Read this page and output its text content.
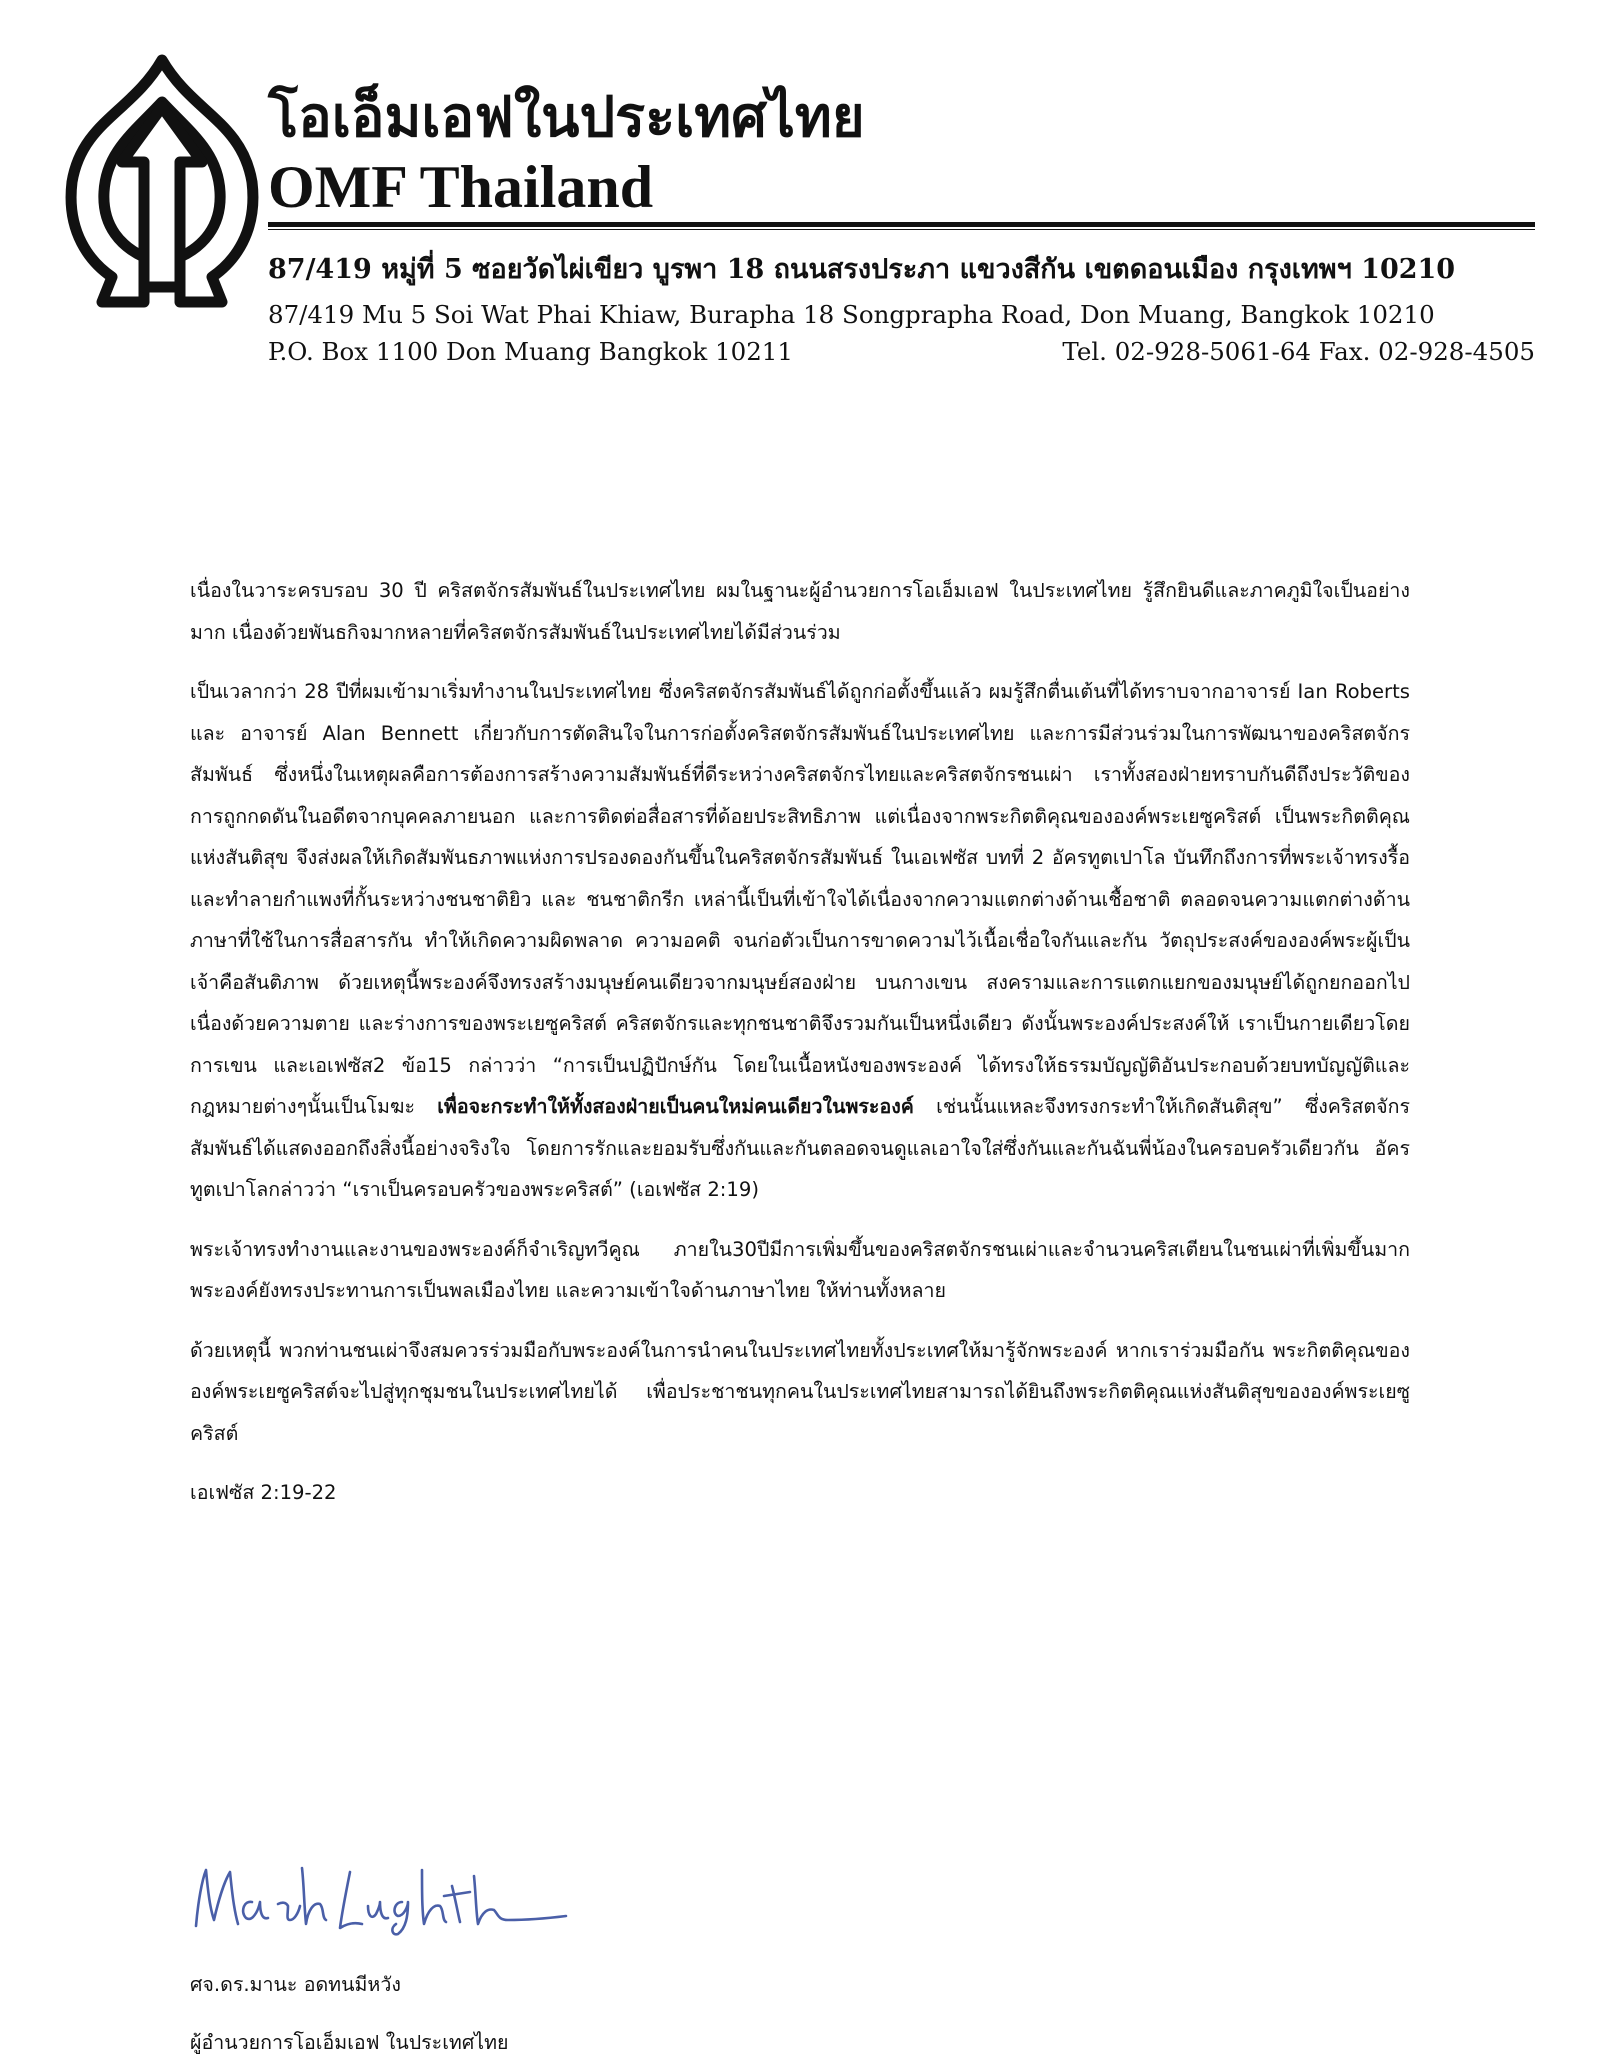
โอเอ็มเอฟในประเทศไทย
OMF Thailand
87/419 หมู่ที่ 5 ซอยวัดไผ่เขียว บูรพา 18 ถนนสรงประภา แขวงสีกัน เขตดอนเมือง กรุงเทพฯ 10210
87/419 Mu 5 Soi Wat Phai Khiaw, Burapha 18 Songprapha Road, Don Muang, Bangkok 10210
P.O. Box 1100 Don Muang Bangkok 10211	Tel. 02-928-5061-64 Fax. 02-928-4505

เนื่องในวาระครบรอบ 30 ปี คริสตจักรสัมพันธ์ในประเทศไทย ผมในฐานะผู้อำนวยการโอเอ็มเอฟ ในประเทศไทย รู้สึกยินดีและภาคภูมิใจเป็นอย่างมาก เนื่องด้วยพันธกิจมากหลายที่คริสตจักรสัมพันธ์ในประเทศไทยได้มีส่วนร่วม

เป็นเวลากว่า 28 ปีที่ผมเข้ามาเริ่มทำงานในประเทศไทย ซึ่งคริสตจักรสัมพันธ์ได้ถูกก่อตั้งขึ้นแล้ว ผมรู้สึกตื่นเต้นที่ได้ทราบจากอาจารย์ Ian Roberts และ อาจารย์ Alan Bennett เกี่ยวกับการตัดสินใจในการก่อตั้งคริสตจักรสัมพันธ์ในประเทศไทย และการมีส่วนร่วมในการพัฒนาของคริสตจักรสัมพันธ์ ซึ่งหนึ่งในเหตุผลคือการต้องการสร้างความสัมพันธ์ที่ดีระหว่างคริสตจักรไทยและคริสตจักรชนเผ่า เราทั้งสองฝ่ายทราบกันดีถึงประวัติของการถูกกดดันในอดีตจากบุคคลภายนอก และการติดต่อสื่อสารที่ด้อยประสิทธิภาพ แต่เนื่องจากพระกิตติคุณขององค์พระเยซูคริสต์ เป็นพระกิตติคุณแห่งสันติสุข จึงส่งผลให้เกิดสัมพันธภาพแห่งการปรองดองกันขึ้นในคริสตจักรสัมพันธ์ ในเอเฟซัส บทที่ 2 อัครทูตเปาโล บันทึกถึงการที่พระเจ้าทรงรื้อและทำลายกำแพงที่กั้นระหว่างชนชาติยิว และ ชนชาติกรีก เหล่านี้เป็นที่เข้าใจได้เนื่องจากความแตกต่างด้านเชื้อชาติ ตลอดจนความแตกต่างด้านภาษาที่ใช้ในการสื่อสารกัน ทำให้เกิดความผิดพลาด ความอคติ จนก่อตัวเป็นการขาดความไว้เนื้อเชื่อใจกันและกัน วัตถุประสงค์ขององค์พระผู้เป็นเจ้าคือสันติภาพ ด้วยเหตุนี้พระองค์จึงทรงสร้างมนุษย์คนเดียวจากมนุษย์สองฝ่าย บนกางเขน สงครามและการแตกแยกของมนุษย์ได้ถูกยกออกไปเนื่องด้วยความตาย และร่างการของพระเยซูคริสต์ คริสตจักรและทุกชนชาติจึงรวมกันเป็นหนึ่งเดียว ดังนั้นพระองค์ประสงค์ให้ เราเป็นกายเดียวโดยการเขน และเอเฟซัส2 ข้อ15 กล่าวว่า “การเป็นปฏิปักษ์กัน โดยในเนื้อหนังของพระองค์ ได้ทรงให้ธรรมบัญญัติอันประกอบด้วยบทบัญญัติและกฎหมายต่างๆนั้นเป็นโมฆะ เพื่อจะกระทำให้ทั้งสองฝ่ายเป็นคนใหม่คนเดียวในพระองค์ เช่นนั้นแหละจึงทรงกระทำให้เกิดสันติสุข” ซึ่งคริสตจักรสัมพันธ์ได้แสดงออกถึงสิ่งนี้อย่างจริงใจ โดยการรักและยอมรับซึ่งกันและกันตลอดจนดูแลเอาใจใส่ซึ่งกันและกันฉันพี่น้องในครอบครัวเดียวกัน อัครทูตเปาโลกล่าวว่า “เราเป็นครอบครัวของพระคริสต์” (เอเฟซัส 2:19)

พระเจ้าทรงทำงานและงานของพระองค์ก็จำเริญทวีคูณ ภายใน30ปีมีการเพิ่มขึ้นของคริสตจักรชนเผ่าและจำนวนคริสเตียนในชนเผ่าที่เพิ่มขึ้นมาก พระองค์ยังทรงประทานการเป็นพลเมืองไทย และความเข้าใจด้านภาษาไทย ให้ท่านทั้งหลาย

ด้วยเหตุนี้ พวกท่านชนเผ่าจึงสมควรร่วมมือกับพระองค์ในการนำคนในประเทศไทยทั้งประเทศให้มารู้จักพระองค์ หากเราร่วมมือกัน พระกิตติคุณขององค์พระเยซูคริสต์จะไปสู่ทุกชุมชนในประเทศไทยได้ เพื่อประชาชนทุกคนในประเทศไทยสามารถได้ยินถึงพระกิตติคุณแห่งสันติสุขขององค์พระเยซูคริสต์

เอเฟซัส 2:19-22

ศจ.ดร.มานะ อดทนมีหวัง
ผู้อำนวยการโอเอ็มเอฟ ในประเทศไทย
